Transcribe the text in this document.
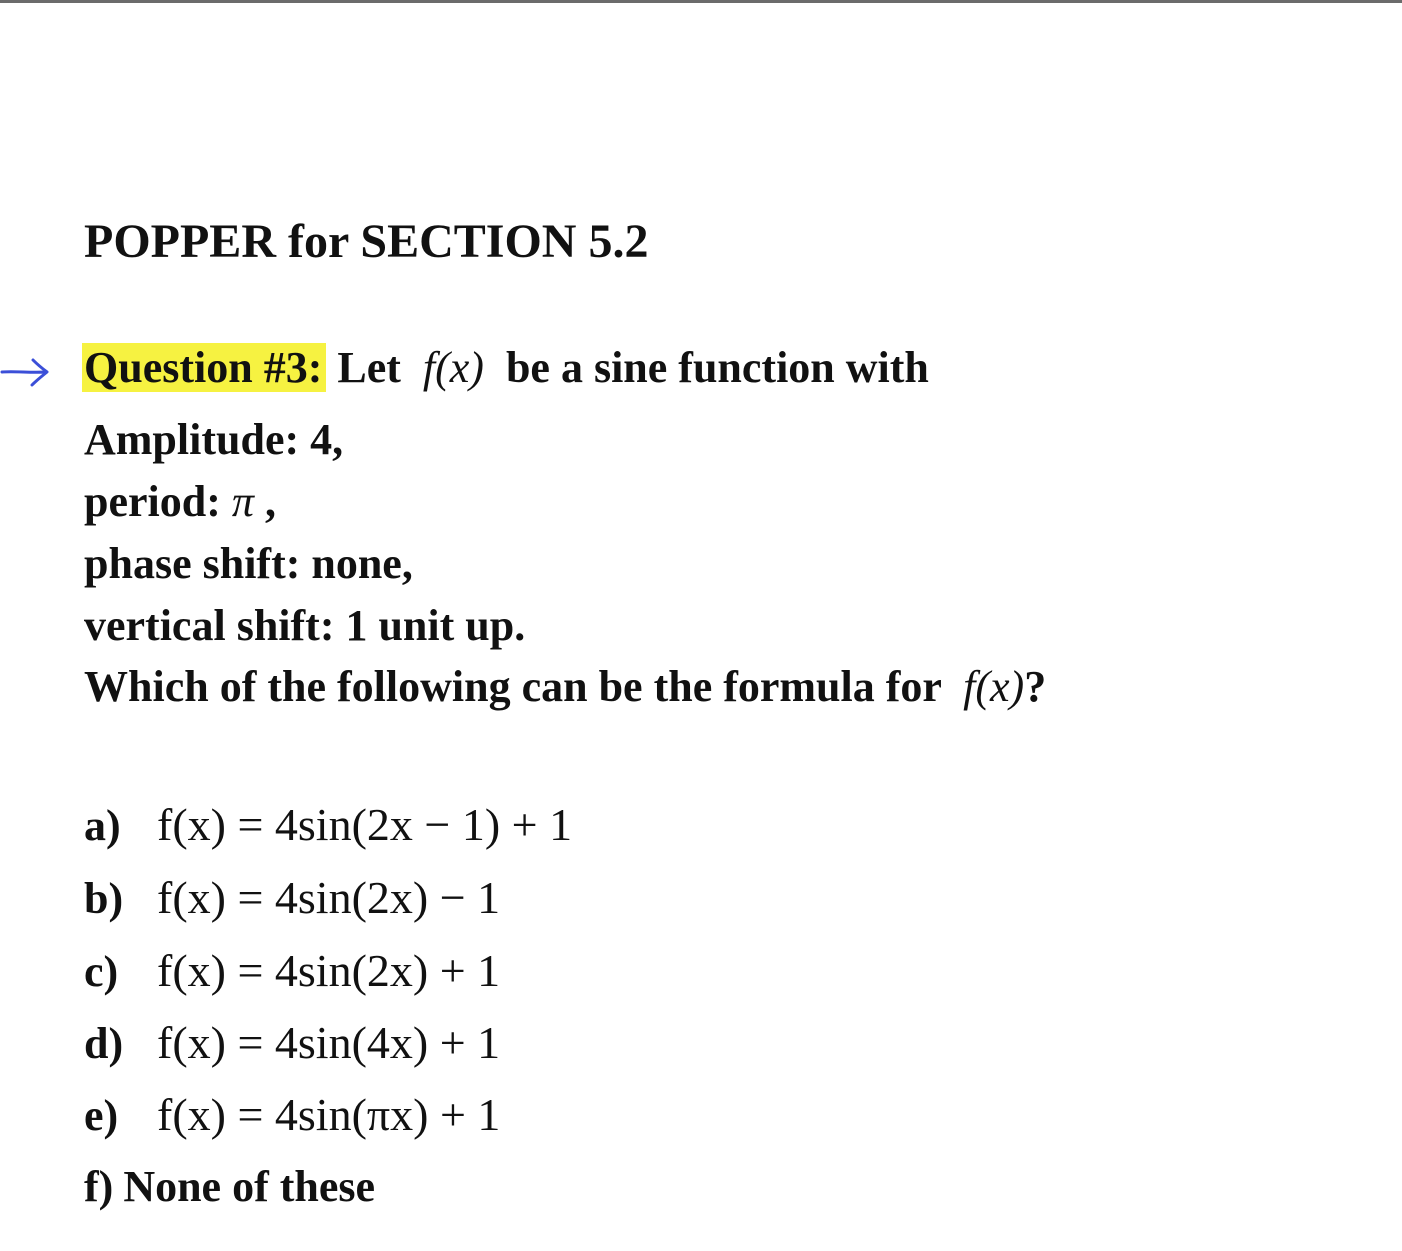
POPPER for SECTION 5.2
Question #3: Let f(x) be a sine function with
Amplitude: 4,
period: π ,
phase shift: none,
vertical shift: 1 unit up.
Which of the following can be the formula for f(x)?
a) f(x) = 4sin(2x − 1) + 1
b) f(x) = 4sin(2x) − 1
c) f(x) = 4sin(2x) + 1
d) f(x) = 4sin(4x) + 1
e) f(x) = 4sin(πx) + 1
f) None of these
